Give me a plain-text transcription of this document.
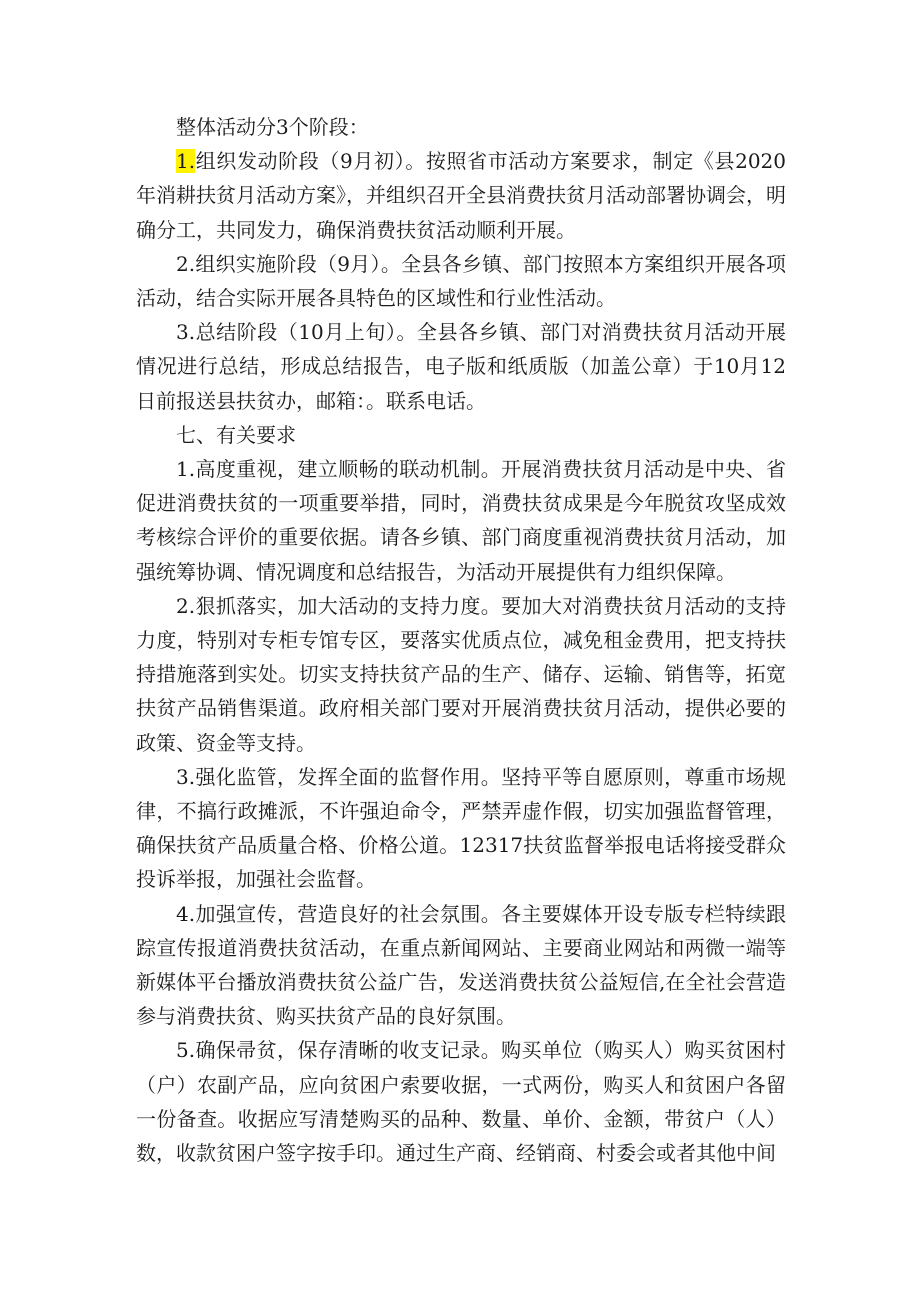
整体活动分3个阶段：

1.组织发动阶段（9月初）。按照省市活动方案要求，制定《县2020年消耕扶贫月活动方案》，并组织召开全县消费扶贫月活动部署协调会，明确分工，共同发力，确保消费扶贫活动顺利开展。

2.组织实施阶段（9月）。全县各乡镇、部门按照本方案组织开展各项活动，结合实际开展各具特色的区域性和行业性活动。

3.总结阶段（10月上旬）。全县各乡镇、部门对消费扶贫月活动开展情况进行总结，形成总结报告，电子版和纸质版（加盖公章）于10月12日前报送县扶贫办，邮箱：。联系电话。

七、有关要求

1.高度重视，建立顺畅的联动机制。开展消费扶贫月活动是中央、省促进消费扶贫的一项重要举措，同时，消费扶贫成果是今年脱贫攻坚成效考核综合评价的重要依据。请各乡镇、部门商度重视消费扶贫月活动，加强统筹协调、情况调度和总结报告，为活动开展提供有力组织保障。

2.狠抓落实，加大活动的支持力度。要加大对消费扶贫月活动的支持力度，特别对专柜专馆专区，要落实优质点位，减免租金费用，把支持扶持措施落到实处。切实支持扶贫产品的生产、储存、运输、销售等，拓宽扶贫产品销售渠道。政府相关部门要对开展消费扶贫月活动，提供必要的政策、资金等支持。

3.强化监管，发挥全面的监督作用。坚持平等自愿原则，尊重市场规律，不搞行政摊派，不许强迫命令，严禁弄虚作假，切实加强监督管理，确保扶贫产品质量合格、价格公道。12317扶贫监督举报电话将接受群众投诉举报，加强社会监督。

4.加强宣传，营造良好的社会氛围。各主要媒体开设专版专栏特续跟踪宣传报道消费扶贫活动，在重点新闻网站、主要商业网站和两微一端等新媒体平台播放消费扶贫公益广告，发送消费扶贫公益短信,在全社会营造参与消费扶贫、购买扶贫产品的良好氛围。

5.确保帚贫，保存清晰的收支记录。购买单位（购买人）购买贫困村（户）农副产品，应向贫困户索要收据，一式两份，购买人和贫困户各留一份备查。收据应写清楚购买的品种、数量、单价、金额，带贫户（人）数，收款贫困户签字按手印。通过生产商、经销商、村委会或者其他中间
